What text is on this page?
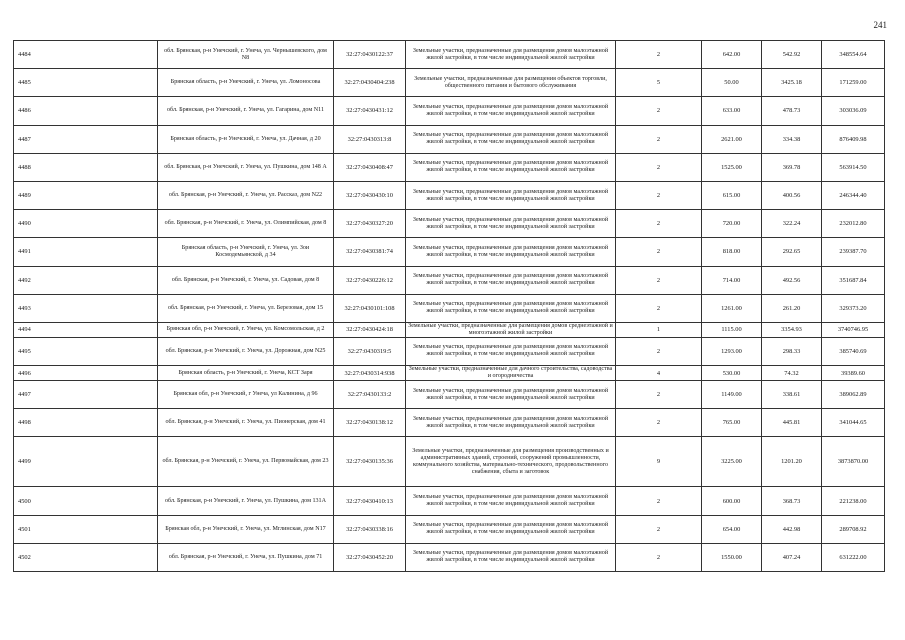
241
4484	обл. Брянская, р-н Унечский, г. Унеча, ул. Чернышевского, дом N8	32:27:0430122:37	Земельные участки, предназначенные для размещения домов малоэтажной жилой застройки, в том числе индивидуальной жилой застройки	2	642.00	542.92	348554.64
4485	Брянская область, р-н Унечский, г. Унеча, ул. Ломоносова	32:27:0430404:238	Земельные участки, предназначенные для размещения объектов торговли, общественного питания и бытового обслуживания	5	50.00	3425.18	171259.00
4486	обл. Брянская, р-н Унечский, г. Унеча, ул. Гагарина, дом N11	32:27:0430431:12	Земельные участки, предназначенные для размещения домов малоэтажной жилой застройки, в том числе индивидуальной жилой застройки	2	633.00	478.73	303036.09
4487	Брянская область, р-н Унечский, г. Унеча, ул. Дачная, д 20	32:27:0430313:8	Земельные участки, предназначенные для размещения домов малоэтажной жилой застройки, в том числе индивидуальной жилой застройки	2	2621.00	334.38	876409.98
4488	обл. Брянская, р-н Унечский, г. Унеча, ул. Пушкина, дом 148 А	32:27:0430408:47	Земельные участки, предназначенные для размещения домов малоэтажной жилой застройки, в том числе индивидуальной жилой застройки	2	1525.00	369.78	563914.50
4489	обл. Брянская, р-н Унечский, г. Унеча, ул. Рассказ, дом N22	32:27:0430430:10	Земельные участки, предназначенные для размещения домов малоэтажной жилой застройки, в том числе индивидуальной жилой застройки	2	615.00	400.56	246344.40
4490	обл. Брянская, р-н Унечский, г. Унеча, ул. Олимпийская, дом 8	32:27:0430327:20	Земельные участки, предназначенные для размещения домов малоэтажной жилой застройки, в том числе индивидуальной жилой застройки	2	720.00	322.24	232012.80
4491	Брянская область, р-н Унечский, г. Унеча, ул. Зои Космодемьянской, д 34	32:27:0430381:74	Земельные участки, предназначенные для размещения домов малоэтажной жилой застройки, в том числе индивидуальной жилой застройки	2	818.00	292.65	239387.70
4492	обл. Брянская, р-н Унечский, г. Унеча, ул. Садовая, дом 8	32:27:0430226:12	Земельные участки, предназначенные для размещения домов малоэтажной жилой застройки, в том числе индивидуальной жилой застройки	2	714.00	492.56	351687.84
4493	обл. Брянская, р-н Унечский, г. Унеча, ул. Березовая, дом 15	32:27:0430101:108	Земельные участки, предназначенные для размещения домов малоэтажной жилой застройки, в том числе индивидуальной жилой застройки	2	1261.00	261.20	329373.20
4494	Брянская обл, р-н Унечский, г. Унеча, ул. Комсомольская, д 2	32:27:0430424:18	Земельные участки, предназначенные для размещения домов среднеэтажной и многоэтажной жилой застройки	1	1115.00	3354.93	3740746.95
4495	обл. Брянская, р-н Унечский, г. Унеча, ул. Дорожная, дом N25	32:27:0430319:5	Земельные участки, предназначенные для размещения домов малоэтажной жилой застройки, в том числе индивидуальной жилой застройки	2	1293.00	298.33	385740.69
4496	Брянская область, р-н Унечский, г. Унеча, КСТ Заря	32:27:0430314:938	Земельные участки, предназначенные для дачного строительства, садоводства и огородничества	4	530.00	74.32	39389.60
4497	Брянская обл, р-н Унечский, г Унеча, ул Калинина, д 96	32:27:0430133:2	Земельные участки, предназначенные для размещения домов малоэтажной жилой застройки, в том числе индивидуальной жилой застройки	2	1149.00	338.61	389062.89
4498	обл. Брянская, р-н Унечский, г. Унеча, ул. Пионерская, дом 41	32:27:0430138:12	Земельные участки, предназначенные для размещения домов малоэтажной жилой застройки, в том числе индивидуальной жилой застройки	2	765.00	445.81	341044.65
4499	обл. Брянская, р-н Унечский, г. Унеча, ул. Первомайская, дом 23	32:27:0430135:36	Земельные участки, предназначенные для размещения производственных и административных зданий, строений, сооружений промышленности, коммунального хозяйства, материально-технического, продовольственного снабжения, сбыта и заготовок	9	3225.00	1201.20	3873870.00
4500	обл. Брянская, р-н Унечский, г. Унеча, ул. Пушкина, дом 131А	32:27:0430410:13	Земельные участки, предназначенные для размещения домов малоэтажной жилой застройки, в том числе индивидуальной жилой застройки	2	600.00	368.73	221238.00
4501	Брянская обл, р-н Унечский, г. Унеча, ул. Мглинская, дом N17	32:27:0430338:16	Земельные участки, предназначенные для размещения домов малоэтажной жилой застройки, в том числе индивидуальной жилой застройки	2	654.00	442.98	289708.92
4502	обл. Брянская, р-н Унечский, г. Унеча, ул. Пушкина, дом 71	32:27:0430452:20	Земельные участки, предназначенные для размещения домов малоэтажной жилой застройки, в том числе индивидуальной жилой застройки	2	1550.00	407.24	631222.00
